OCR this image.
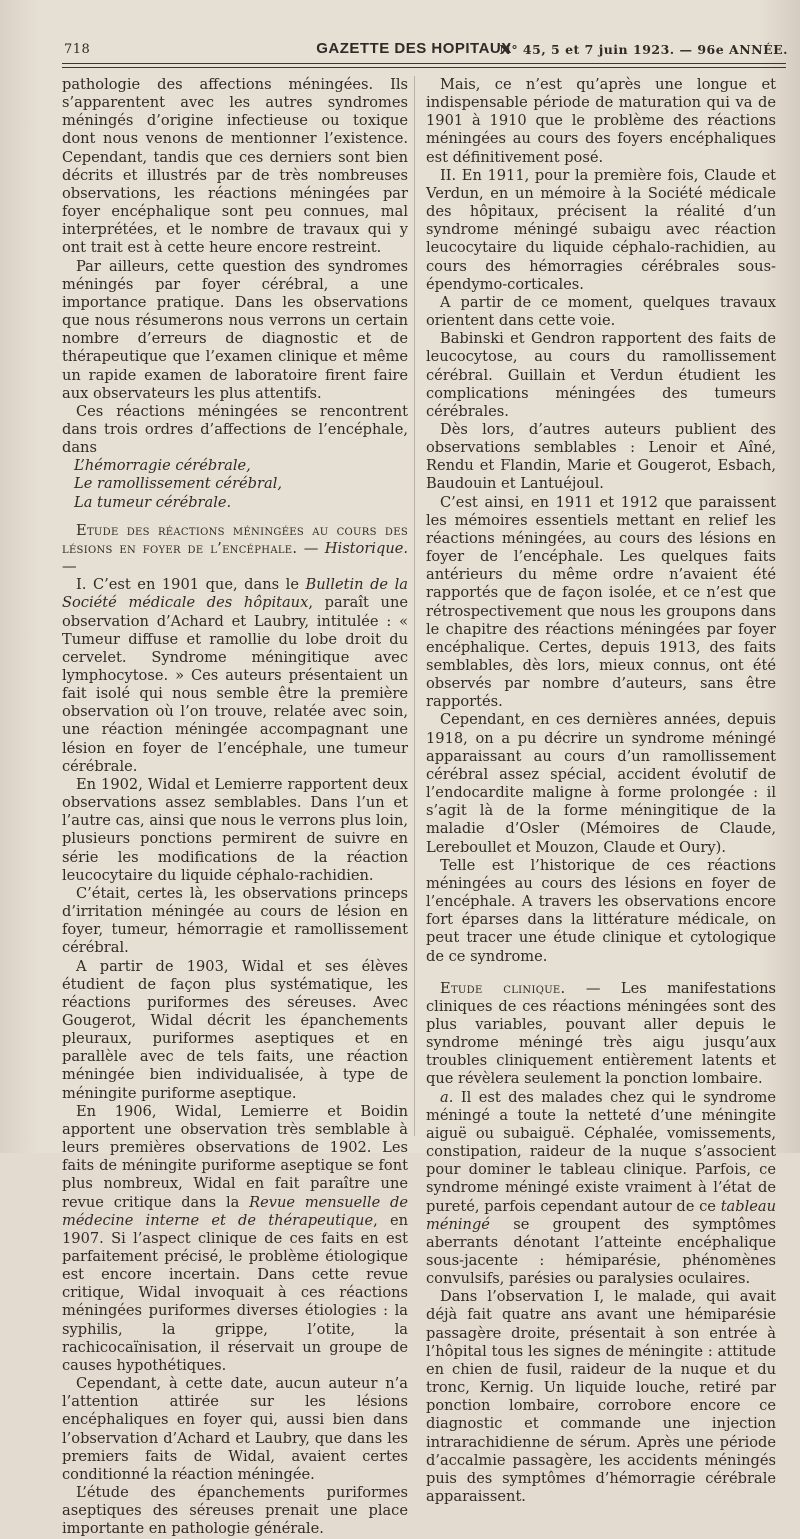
718	GAZETTE DES HOPITAUX
N° 45, 5 et 7 juin 1923. — 96e ANNÉE.

pathologie des affections méningées. Ils s’apparentent avec les autres syndromes méningés d’origine infectieuse ou toxique dont nous venons de mentionner l’existence. Cependant, tandis que ces derniers sont bien décrits et illustrés par de très nombreuses observations, les réactions méningées par foyer encéphalique sont peu connues, mal interprétées, et le nombre de travaux qui y ont trait est à cette heure encore restreint.

Par ailleurs, cette question des syndromes méningés par foyer cérébral, a une importance pratique. Dans les observations que nous résumerons nous verrons un certain nombre d’erreurs de diagnostic et de thérapeutique que l’examen clinique et même un rapide examen de laboratoire firent faire aux observateurs les plus attentifs.

Ces réactions méningées se rencontrent dans trois ordres d’affections de l’encéphale, dans

L’hémorragie cérébrale,
Le ramollissement cérébral,
La tumeur cérébrale.

Etude des réactions méningées au cours des lésions en foyer de l’encéphale. — Historique. —

I. C’est en 1901 que, dans le Bulletin de la Société médicale des hôpitaux, paraît une observation d’Achard et Laubry, intitulée : « Tumeur diffuse et ramollie du lobe droit du cervelet. Syndrome méningitique avec lymphocytose. » Ces auteurs présentaient un fait isolé qui nous semble être la première observation où l’on trouve, relatée avec soin, une réaction méningée accompagnant une lésion en foyer de l’encéphale, une tumeur cérébrale.

En 1902, Widal et Lemierre rapportent deux observations assez semblables. Dans l’un et l’autre cas, ainsi que nous le verrons plus loin, plusieurs ponctions permirent de suivre en série les modifications de la réaction leucocytaire du liquide céphalo-rachidien.

C’était, certes là, les observations princeps d’irritation méningée au cours de lésion en foyer, tumeur, hémorragie et ramollissement cérébral.

A partir de 1903, Widal et ses élèves étudient de façon plus systématique, les réactions puriformes des séreuses. Avec Gougerot, Widal décrit les épanchements pleuraux, puriformes aseptiques et en parallèle avec de tels faits, une réaction méningée bien individualisée, à type de méningite puriforme aseptique.

En 1906, Widal, Lemierre et Boidin apportent une observation très semblable à leurs premières observations de 1902. Les faits de méningite puriforme aseptique se font plus nombreux, Widal en fait paraître une revue critique dans la Revue mensuelle de médecine interne et de thérapeutique, en 1907. Si l’aspect clinique de ces faits en est parfaitement précisé, le problème étiologique est encore incertain. Dans cette revue critique, Widal invoquait à ces réactions méningées puriformes diverses étiologies : la syphilis, la grippe, l’otite, la rachicocaïnisation, il réservait un groupe de causes hypothétiques.

Cependant, à cette date, aucun auteur n’a l’attention attirée sur les lésions encéphaliques en foyer qui, aussi bien dans l’observation d’Achard et Laubry, que dans les premiers faits de Widal, avaient certes conditionné la réaction méningée.

L’étude des épanchements puriformes aseptiques des séreuses prenait une place importante en pathologie générale.

Mais, ce n’est qu’après une longue et indispensable période de maturation qui va de 1901 à 1910 que le problème des réactions méningées au cours des foyers encéphaliques est définitivement posé.

II. En 1911, pour la première fois, Claude et Verdun, en un mémoire à la Société médicale des hôpitaux, précisent la réalité d’un syndrome méningé subaigu avec réaction leucocytaire du liquide céphalo-rachidien, au cours des hémorragies cérébrales sous-épendymo-corticales.

A partir de ce moment, quelques travaux orientent dans cette voie.

Babinski et Gendron rapportent des faits de leucocytose, au cours du ramollissement cérébral. Guillain et Verdun étudient les complications méningées des tumeurs cérébrales.

Dès lors, d’autres auteurs publient des observations semblables : Lenoir et Aîné, Rendu et Flandin, Marie et Gougerot, Esbach, Baudouin et Lantuéjoul.

C’est ainsi, en 1911 et 1912 que paraissent les mémoires essentiels mettant en relief les réactions méningées, au cours des lésions en foyer de l’encéphale. Les quelques faits antérieurs du même ordre n’avaient été rapportés que de façon isolée, et ce n’est que rétrospectivement que nous les groupons dans le chapitre des réactions méningées par foyer encéphalique. Certes, depuis 1913, des faits semblables, dès lors, mieux connus, ont été observés par nombre d’auteurs, sans être rapportés.

Cependant, en ces dernières années, depuis 1918, on a pu décrire un syndrome méningé apparaissant au cours d’un ramollissement cérébral assez spécial, accident évolutif de l’endocardite maligne à forme prolongée : il s’agit là de la forme méningitique de la maladie d’Osler (Mémoires de Claude, Lereboullet et Mouzon, Claude et Oury).

Telle est l’historique de ces réactions méningées au cours des lésions en foyer de l’encéphale. A travers les observations encore fort éparses dans la littérature médicale, on peut tracer une étude clinique et cytologique de ce syndrome.

Etude clinique. — Les manifestations cliniques de ces réactions méningées sont des plus variables, pouvant aller depuis le syndrome méningé très aigu jusqu’aux troubles cliniquement entièrement latents et que révèlera seulement la ponction lombaire.

a. Il est des malades chez qui le syndrome méningé a toute la netteté d’une méningite aiguë ou subaiguë. Céphalée, vomissements, constipation, raideur de la nuque s’associent pour dominer le tableau clinique. Parfois, ce syndrome méningé existe vraiment à l’état de pureté, parfois cependant autour de ce tableau méningé se groupent des symptômes aberrants dénotant l’atteinte encéphalique sous-jacente : hémiparésie, phénomènes convulsifs, parésies ou paralysies oculaires.

Dans l’observation I, le malade, qui avait déjà fait quatre ans avant une hémiparésie passagère droite, présentait à son entrée à l’hôpital tous les signes de méningite : attitude en chien de fusil, raideur de la nuque et du tronc, Kernig. Un liquide louche, retiré par ponction lombaire, corrobore encore ce diagnostic et commande une injection intrarachidienne de sérum. Après une période d’accalmie passagère, les accidents méningés puis des symptômes d’hémorragie cérébrale apparaissent.
